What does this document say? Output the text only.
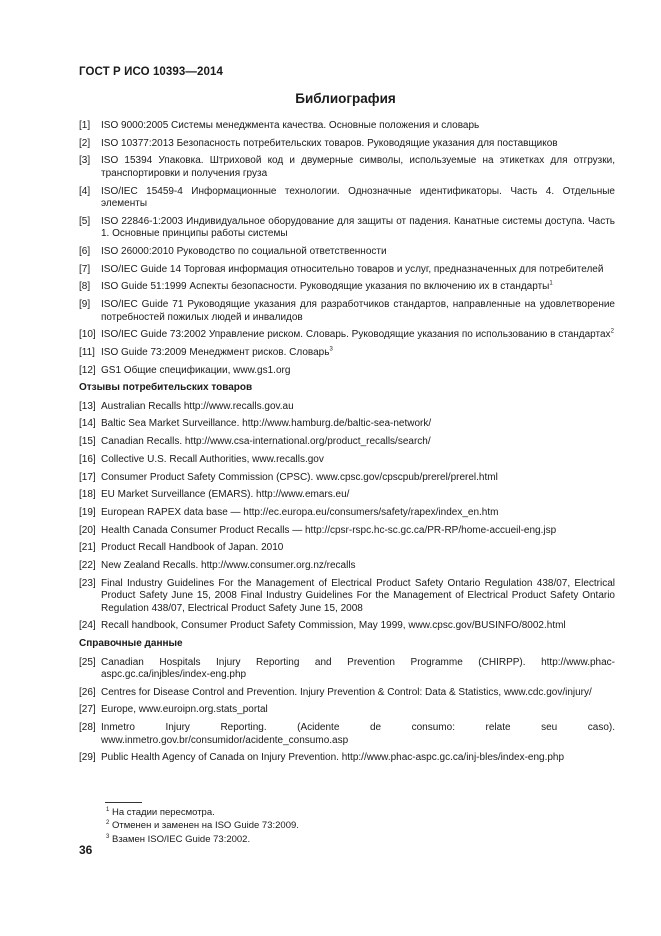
ГОСТ Р ИСО 10393—2014
Библиография
[1]	ISO 9000:2005 Системы менеджмента качества. Основные положения и словарь

[2]	ISO 10377:2013 Безопасность потребительских товаров. Руководящие указания для поставщиков

[3]	ISO 15394 Упаковка. Штриховой код и двумерные символы, используемые на этикетках для отгрузки, транспортировки и получения груза

[4]	ISO/IEC 15459-4 Информационные технологии. Однозначные идентификаторы. Часть 4. Отдельные элементы

[5]	ISO 22846-1:2003 Индивидуальное оборудование для защиты от падения. Канатные системы доступа. Часть 1. Основные принципы работы системы

[6]	ISO 26000:2010 Руководство по социальной ответственности

[7]	ISO/IEC Guide 14 Торговая информация относительно товаров и услуг, предназначенных для потребителей

[8]	ISO Guide 51:1999 Аспекты безопасности. Руководящие указания по включению их в стандарты$^1$

[9]	ISO/IEC Guide 71 Руководящие указания для разработчиков стандартов, направленные на удовлетворение потребностей пожилых людей и инвалидов

[10] ISO/IEC Guide 73:2002 Управление риском. Словарь. Руководящие указания по использованию в стандартах$^2$

[11] ISO Guide 73:2009 Менеджмент рисков. Словарь$^3$

[12] GS1 Общие спецификации, www.gs1.org

Отзывы потребительских товаров
[13] Australian Recalls http://www.recalls.gov.au

[14] Baltic Sea Market Surveillance. http://www.hamburg.de/baltic-sea-network/

[15] Canadian Recalls. http://www.csa-international.org/product_recalls/search/

[16] Collective U.S. Recall Authorities, www.recalls.gov

[17] Consumer Product Safety Commission (CPSC). www.cpsc.gov/cpscpub/prerel/prerel.html

[18] EU Market Surveillance (EMARS). http://www.emars.eu/

[19] European RAPEX data base — http://ec.europa.eu/consumers/safety/rapex/index_en.htm

[20] Health Canada Consumer Product Recalls — http://cpsr-rspc.hc-sc.gc.ca/PR-RP/home-accueil-eng.jsp

[21] Product Recall Handbook of Japan. 2010

[22] New Zealand Recalls. http://www.consumer.org.nz/recalls

[23] Final Industry Guidelines For the Management of Electrical Product Safety Ontario Regulation 438/07, Electrical Product Safety June 15, 2008 Final Industry Guidelines For the Management of Electrical Product Safety Ontario Regulation 438/07, Electrical Product Safety June 15, 2008

[24] Recall handbook, Consumer Product Safety Commission, May 1999, www.cpsc.gov/BUSINFO/8002.html

Справочные данные
[25] Canadian Hospitals Injury Reporting and Prevention Programme (CHIRPP). http://www.phac-aspc.gc.ca/injbles/index-eng.php

[26] Centres for Disease Control and Prevention. Injury Prevention & Control: Data & Statistics, www.cdc.gov/injury/

[27] Europe, www.euroipn.org.stats_portal

[28] Inmetro Injury Reporting. (Acidente de consumo: relate seu caso). www.inmetro.gov.br/consumidor/acidente_consumo.asp

[29] Public Health Agency of Canada on Injury Prevention. http://www.phac-aspc.gc.ca/inj-bles/index-eng.php

$^1$ На стадии пересмотра.
$^2$ Отменен и заменен на ISO Guide 73:2009.
$^3$ Взамен ISO/IEC Guide 73:2002.
36
